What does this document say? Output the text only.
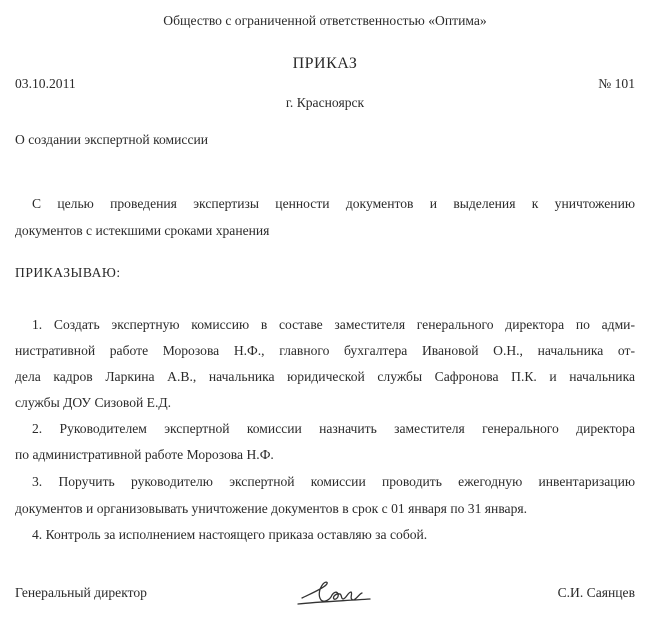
Общество с ограниченной ответственностью «Оптима»
ПРИКАЗ
03.10.2011	№ 101
г. Красноярск
О создании экспертной комиссии
С целью проведения экспертизы ценности документов и выделения к уничтожению
документов с истекшими сроками хранения
ПРИКАЗЫВАЮ:
1. Создать экспертную комиссию в составе заместителя генерального директора по адми-
нистративной работе Морозова Н.Ф., главного бухгалтера Ивановой О.Н., начальника от-
дела кадров Ларкина А.В., начальника юридической службы Сафронова П.К. и начальника
службы ДОУ Сизовой Е.Д.
2. Руководителем экспертной комиссии назначить заместителя генерального директора
по административной работе Морозова Н.Ф.
3. Поручить руководителю экспертной комиссии проводить ежегодную инвентаризацию
документов и организовывать уничтожение документов в срок с 01 января по 31 января.
4. Контроль за исполнением настоящего приказа оставляю за собой.
Генеральный директор	С.И. Саянцев
